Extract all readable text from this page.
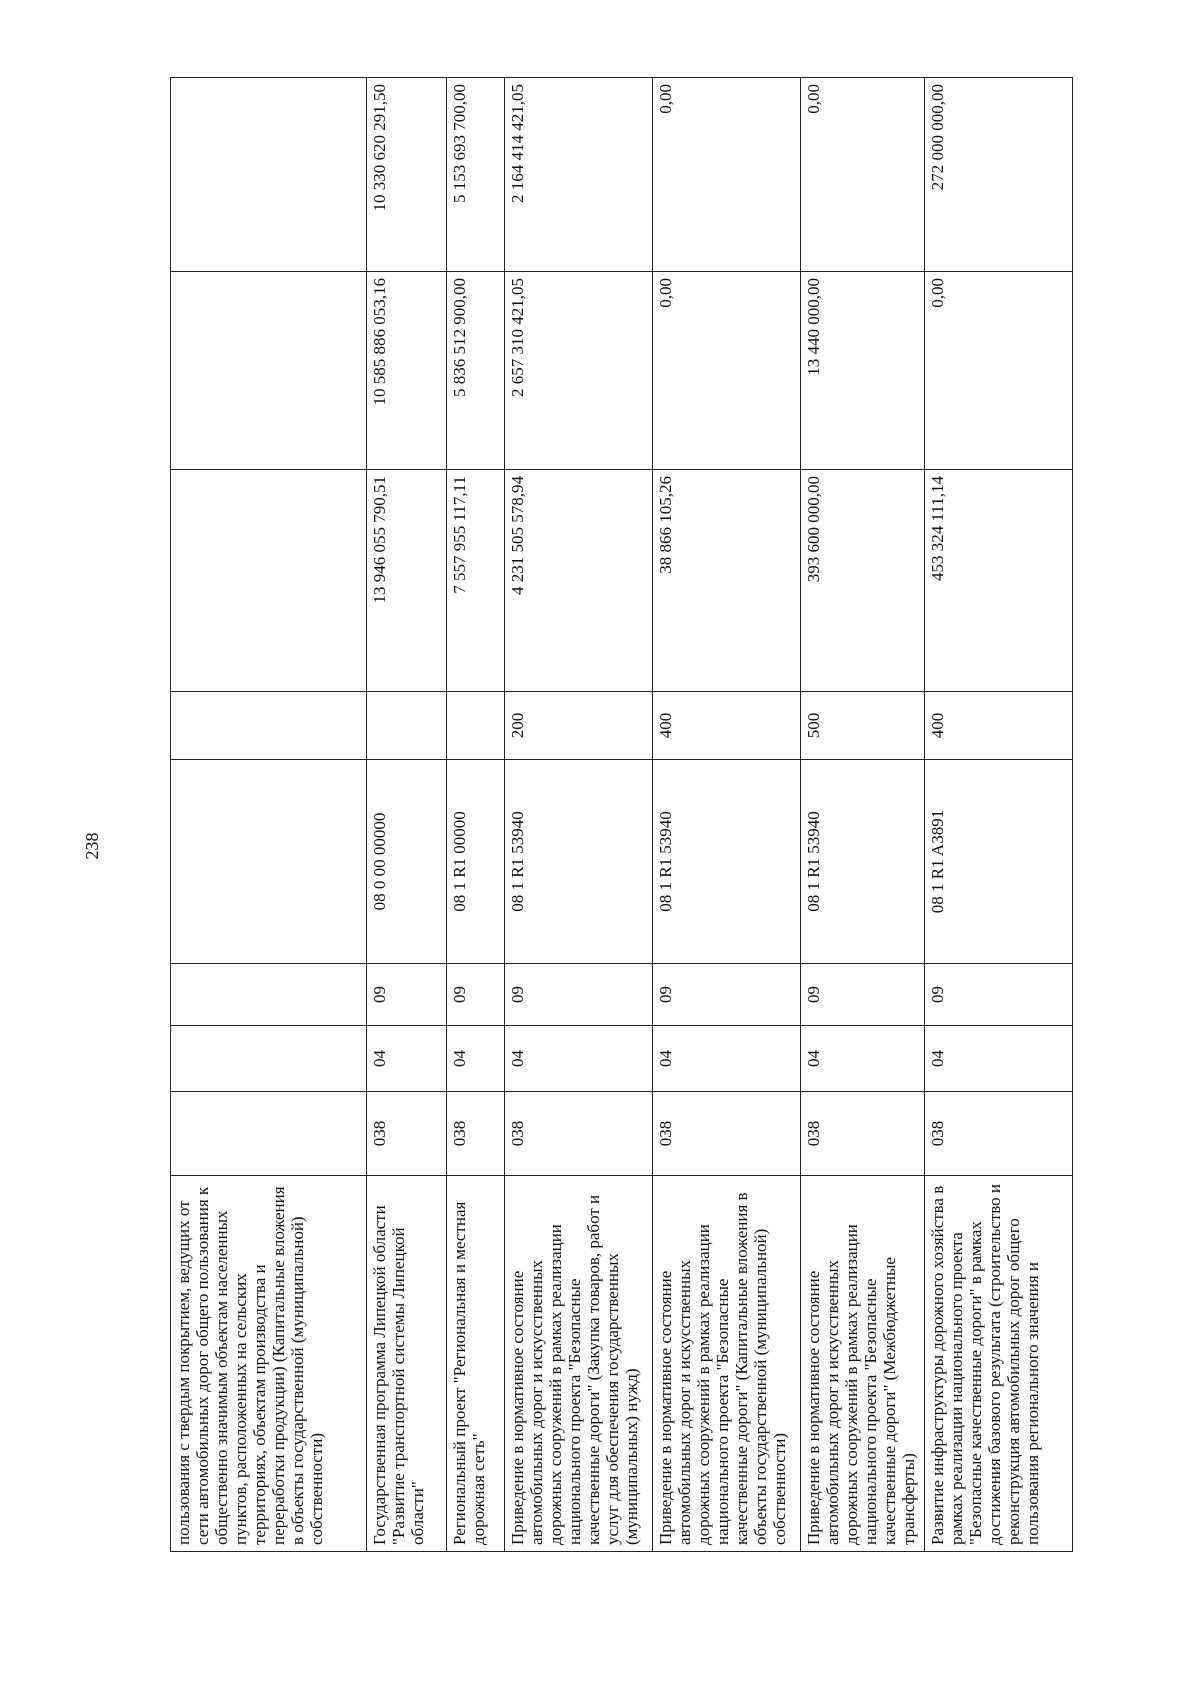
238
пользования с твердым покрытием, ведущих от сети автомобильных дорог общего пользования к общественно значимым объектам населенных пунктов, расположенных на сельских территориях, объектам производства и переработки продукции) (Капитальные вложения в объекты государственной (муниципальной) собственности)								
Государственная программа Липецкой области "Развитие транспортной системы Липецкой области"	038	04	09	08 0 00 00000		13 946 055 790,51	10 585 886 053,16	10 330 620 291,50
Региональный проект "Региональная и местная дорожная сеть"	038	04	09	08 1 R1 00000		7 557 955 117,11	5 836 512 900,00	5 153 693 700,00
Приведение в нормативное состояние автомобильных дорог и искусственных дорожных сооружений в рамках реализации национального проекта "Безопасные качественные дороги" (Закупка товаров, работ и услуг для обеспечения государственных (муниципальных) нужд)	038	04	09	08 1 R1 53940	200	4 231 505 578,94	2 657 310 421,05	2 164 414 421,05
Приведение в нормативное состояние автомобильных дорог и искусственных дорожных сооружений в рамках реализации национального проекта "Безопасные качественные дороги" (Капитальные вложения в объекты государственной (муниципальной) собственности)	038	04	09	08 1 R1 53940	400	38 866 105,26	0,00	0,00
Приведение в нормативное состояние автомобильных дорог и искусственных дорожных сооружений в рамках реализации национального проекта "Безопасные качественные дороги" (Межбюджетные трансферты)	038	04	09	08 1 R1 53940	500	393 600 000,00	13 440 000,00	0,00
Развитие инфраструктуры дорожного хозяйства в рамках реализации национального проекта "Безопасные качественные дороги" в рамках достижения базового результата (строительство и реконструкция автомобильных дорог общего пользования регионального значения и	038	04	09	08 1 R1 A3891	400	453 324 111,14	0,00	272 000 000,00
